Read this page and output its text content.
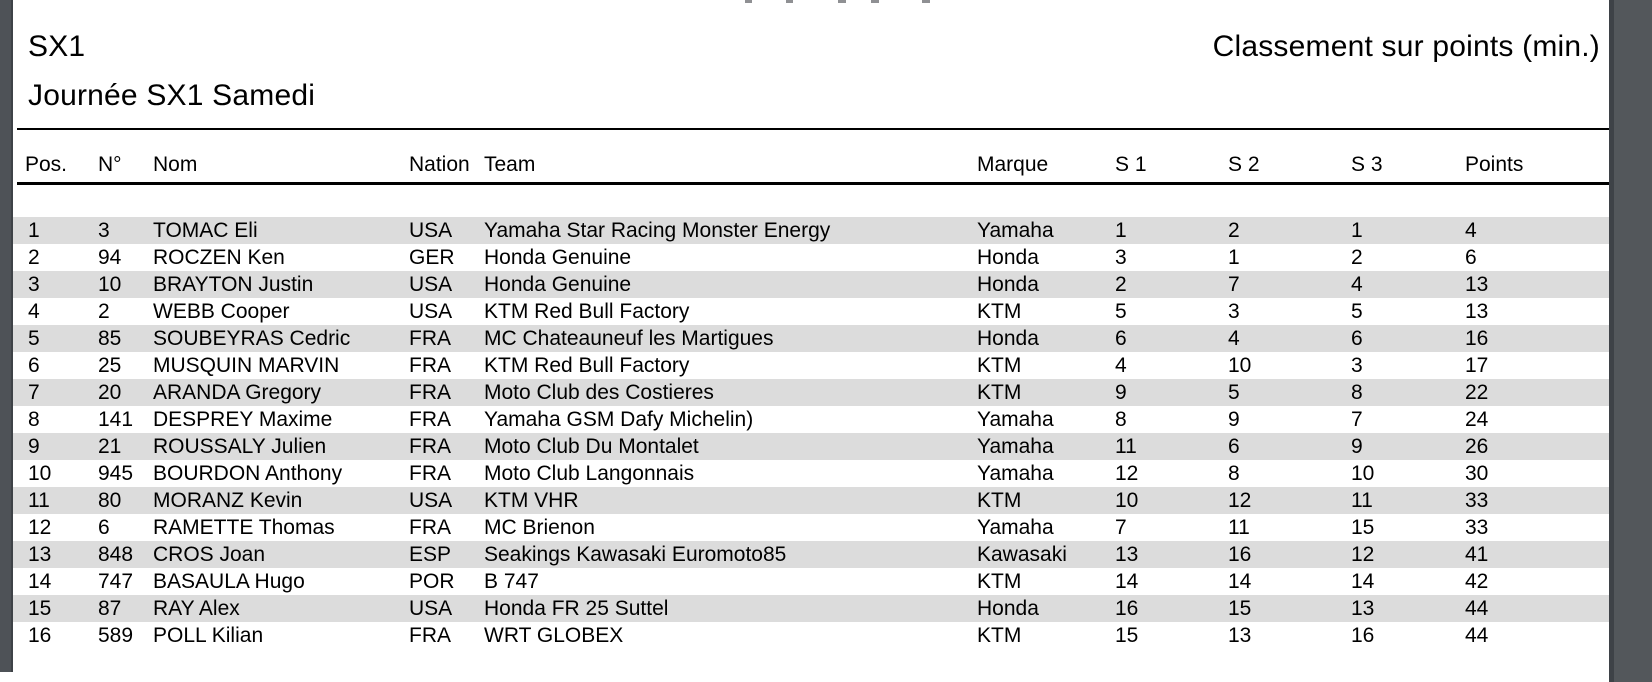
SX1	Classement sur points (min.)
Journée SX1 Samedi
Pos. N° Nom	Nation Team	Marque	S 1	S 2	S 3	Points
1	3 TOMAC Eli	USA Yamaha Star Racing Monster Energy	Yamaha	1	2	1	4
2	94 ROCZEN Ken	GER Honda Genuine	Honda	3	1	2	6
3	10 BRAYTON Justin	USA Honda Genuine	Honda	2	7	4	13
4	2 WEBB Cooper	USA KTM Red Bull Factory	KTM	5	3	5	13
5	85 SOUBEYRAS Cedric	FRA MC Chateauneuf les Martigues	Honda	6	4	6	16
6	25 MUSQUIN MARVIN	FRA KTM Red Bull Factory	KTM	4	10	3	17
7	20 ARANDA Gregory	FRA Moto Club des Costieres	KTM	9	5	8	22
8	141 DESPREY Maxime	FRA Yamaha GSM Dafy Michelin)	Yamaha	8	9	7	24
9	21 ROUSSALY Julien	FRA Moto Club Du Montalet	Yamaha	11	6	9	26
10 945 BOURDON Anthony	FRA Moto Club Langonnais	Yamaha	12	8	10	30
11 80 MORANZ Kevin	USA KTM VHR	KTM	10	12	11	33
12 6 RAMETTE Thomas	FRA MC Brienon	Yamaha	7	11	15	33
13 848 CROS Joan	ESP Seakings Kawasaki Euromoto85	Kawasaki 13	16	12	41
14 747 BASAULA Hugo	POR B 747	KTM	14	14	14	42
15 87 RAY Alex	USA Honda FR 25 Suttel	Honda	16	15	13	44
16 589 POLL Kilian	FRA WRT GLOBEX	KTM	15	13	16	44
